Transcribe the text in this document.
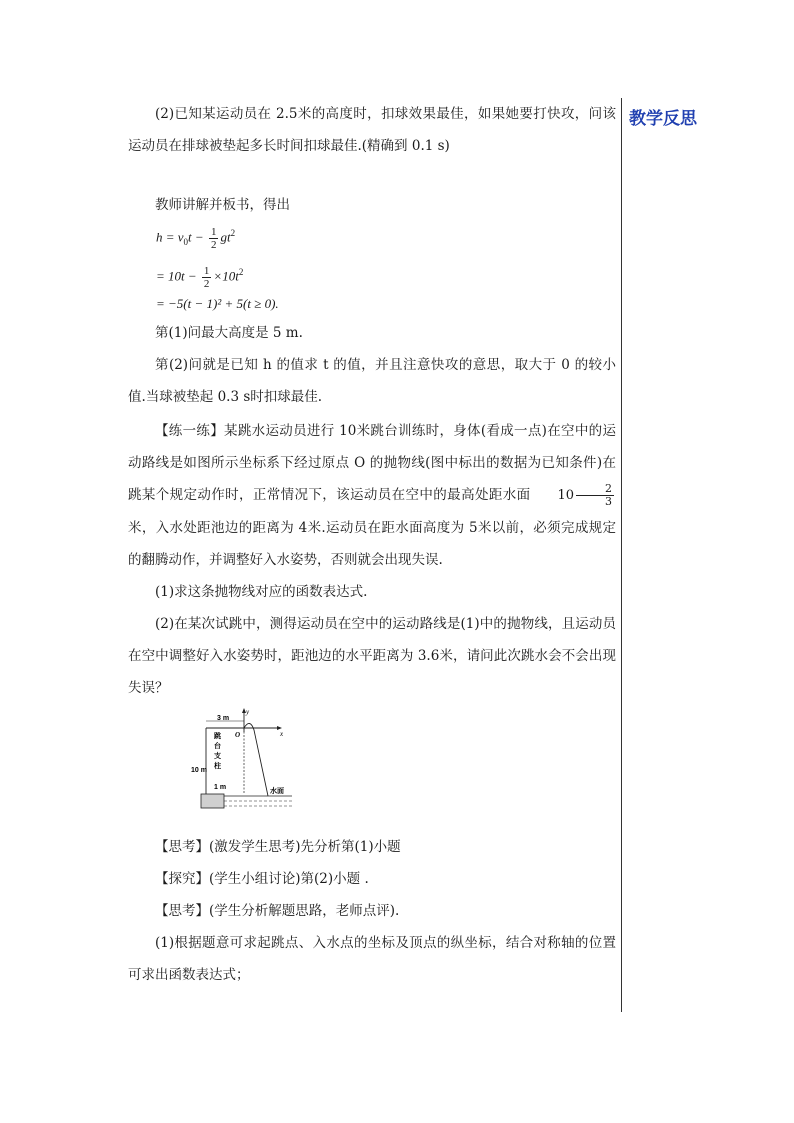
教学反思

(2)已知某运动员在 2.5米的高度时，扣球效果最佳，如果她要打快攻，问该运动员在排球被垫起多长时间扣球最佳.(精确到 0.1 s)

教师讲解并板书，得出

$h = v_0t - \frac{1}{2} gt^2$
= $10t - \frac{1}{2} \times 10t^2$
= −5(t − 1)² + 5(t ≥ 0).

第(1)问最大高度是 5 m.

第(2)问就是已知 h 的值求 t 的值，并且注意快攻的意思，取大于 0 的较小值.当球被垫起 0.3 s时扣球最佳.

【练一练】某跳水运动员进行 10米跳台训练时，身体(看成一点)在空中的运动路线是如图所示坐标系下经过原点 O 的抛物线(图中标出的数据为已知条件)在跳某个规定动作时，正常情况下，该运动员在空中的最高处距水面 $10 \frac{2}{3}$
米，入水处距池边的距离为 4米.运动员在距水面高度为 5米以前，必须完成规定的翻腾动作，并调整好入水姿势，否则就会出现失误.

(1)求这条抛物线对应的函数表达式.

(2)在某次试跳中，测得运动员在空中的运动路线是(1)中的抛物线，且运动员在空中调整好入水姿势时，距池边的水平距离为 3.6米，请问此次跳水会不会出现失误？

y
x
O
3 m
跳
台
支
柱
10 m
1 m	水面

【思考】(激发学生思考)先分析第(1)小题

【探究】(学生小组讨论)第(2)小题 .

【思考】(学生分析解题思路，老师点评).

(1)根据题意可求起跳点、入水点的坐标及顶点的纵坐标，结合对称轴的位置可求出函数表达式；
